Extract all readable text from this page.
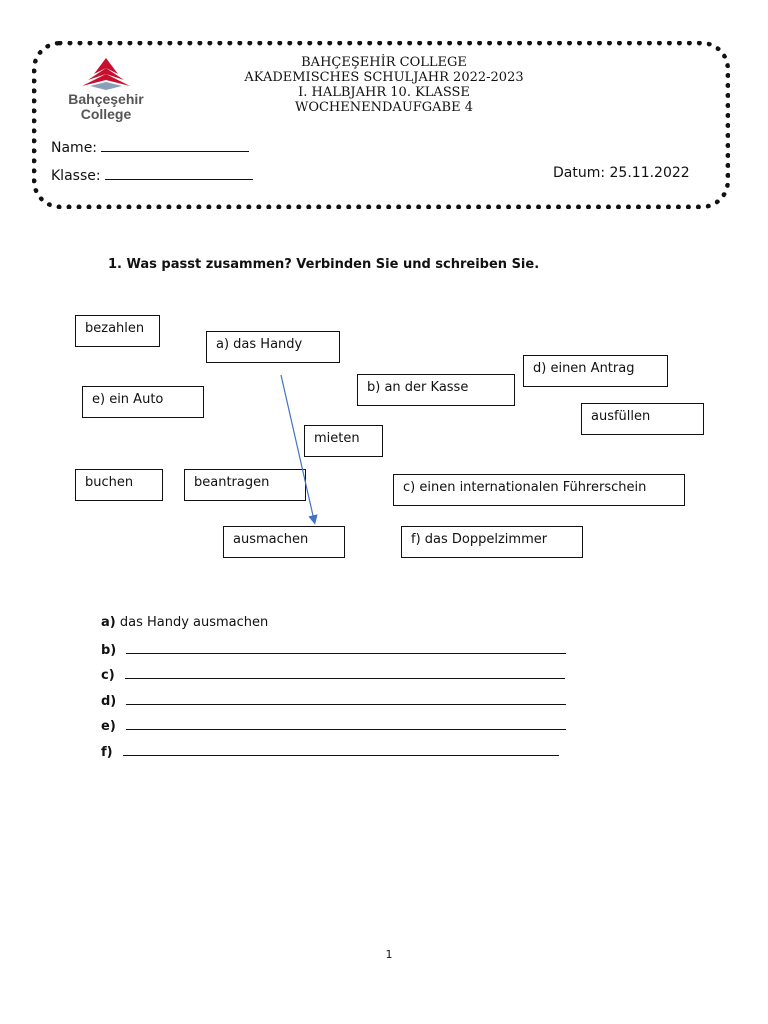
Bahçeşehir
College
BAHÇEŞEHİR COLLEGE
AKADEMISCHES SCHULJAHR 2022-2023
I. HALBJAHR 10. KLASSE
WOCHENENDAUFGABE 4
Name:
Klasse:	Datum: 25.11.2022
1. Was passt zusammen? Verbinden Sie und schreiben Sie.
bezahlen
a) das Handy
d) einen Antrag
b) an der Kasse
e) ein Auto
ausfüllen
mieten
buchen	beantragen	c) einen internationalen Führerschein
ausmachen	f) das Doppelzimmer
a) das Handy ausmachen
b)
c)
d)
e)
f)
1
